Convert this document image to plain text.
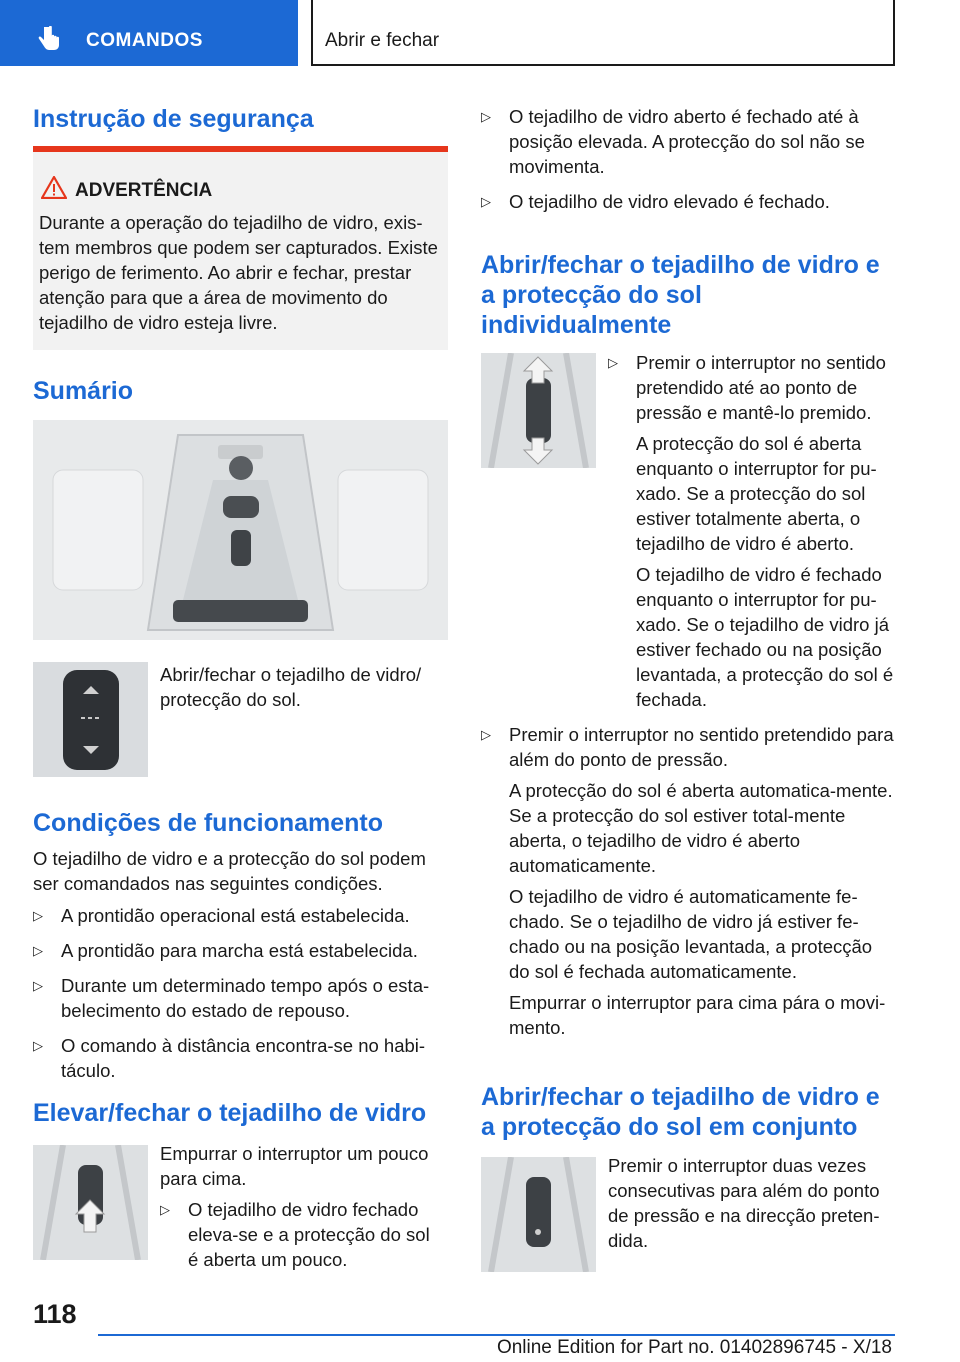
COMANDOS	Abrir e fechar
Instrução de segurança
ADVERTÊNCIA
Durante a operação do tejadilho de vidro, exis-tem membros que podem ser capturados. Existe perigo de ferimento. Ao abrir e fechar, prestar atenção para que a área de movimento do tejadilho de vidro esteja livre.
Sumário
Abrir/fechar o tejadilho de vidro/ protecção do sol.
Condições de funcionamento
O tejadilho de vidro e a protecção do sol podem ser comandados nas seguintes condições.
▷ A prontidão operacional está estabelecida.
▷ A prontidão para marcha está estabelecida.
▷ Durante um determinado tempo após o esta-belecimento do estado de repouso.
▷ O comando à distância encontra-se no habi-táculo.
Elevar/fechar o tejadilho de vidro
Empurrar o interruptor um pouco para cima.
▷ O tejadilho de vidro fechado eleva-se e a protecção do sol é aberta um pouco.
▷ O tejadilho de vidro aberto é fechado até à posição elevada. A protecção do sol não se movimenta.
▷ O tejadilho de vidro elevado é fechado.
Abrir/fechar o tejadilho de vidro e a protecção do sol individualmente
▷ Premir o interruptor no sentido pretendido até ao ponto de pressão e mantê-lo premido.

A protecção do sol é aberta enquanto o interruptor for pu-xado. Se a protecção do sol estiver totalmente aberta, o tejadilho de vidro é aberto.

O tejadilho de vidro é fechado enquanto o interruptor for pu-xado. Se o tejadilho de vidro já estiver fechado ou na posição levantada, a protecção do sol é fechada.

▷ Premir o interruptor no sentido pretendido para além do ponto de pressão.

A protecção do sol é aberta automatica-mente. Se a protecção do sol estiver total-mente aberta, o tejadilho de vidro é aberto automaticamente.

O tejadilho de vidro é automaticamente fe-chado. Se o tejadilho de vidro já estiver fe-chado ou na posição levantada, a protecção do sol é fechada automaticamente.

Empurrar o interruptor para cima pára o movi-mento.

Abrir/fechar o tejadilho de vidro e a protecção do sol em conjunto
Premir o interruptor duas vezes consecutivas para além do ponto de pressão e na direcção preten-dida.
118
Online Edition for Part no. 01402896745 - X/18
